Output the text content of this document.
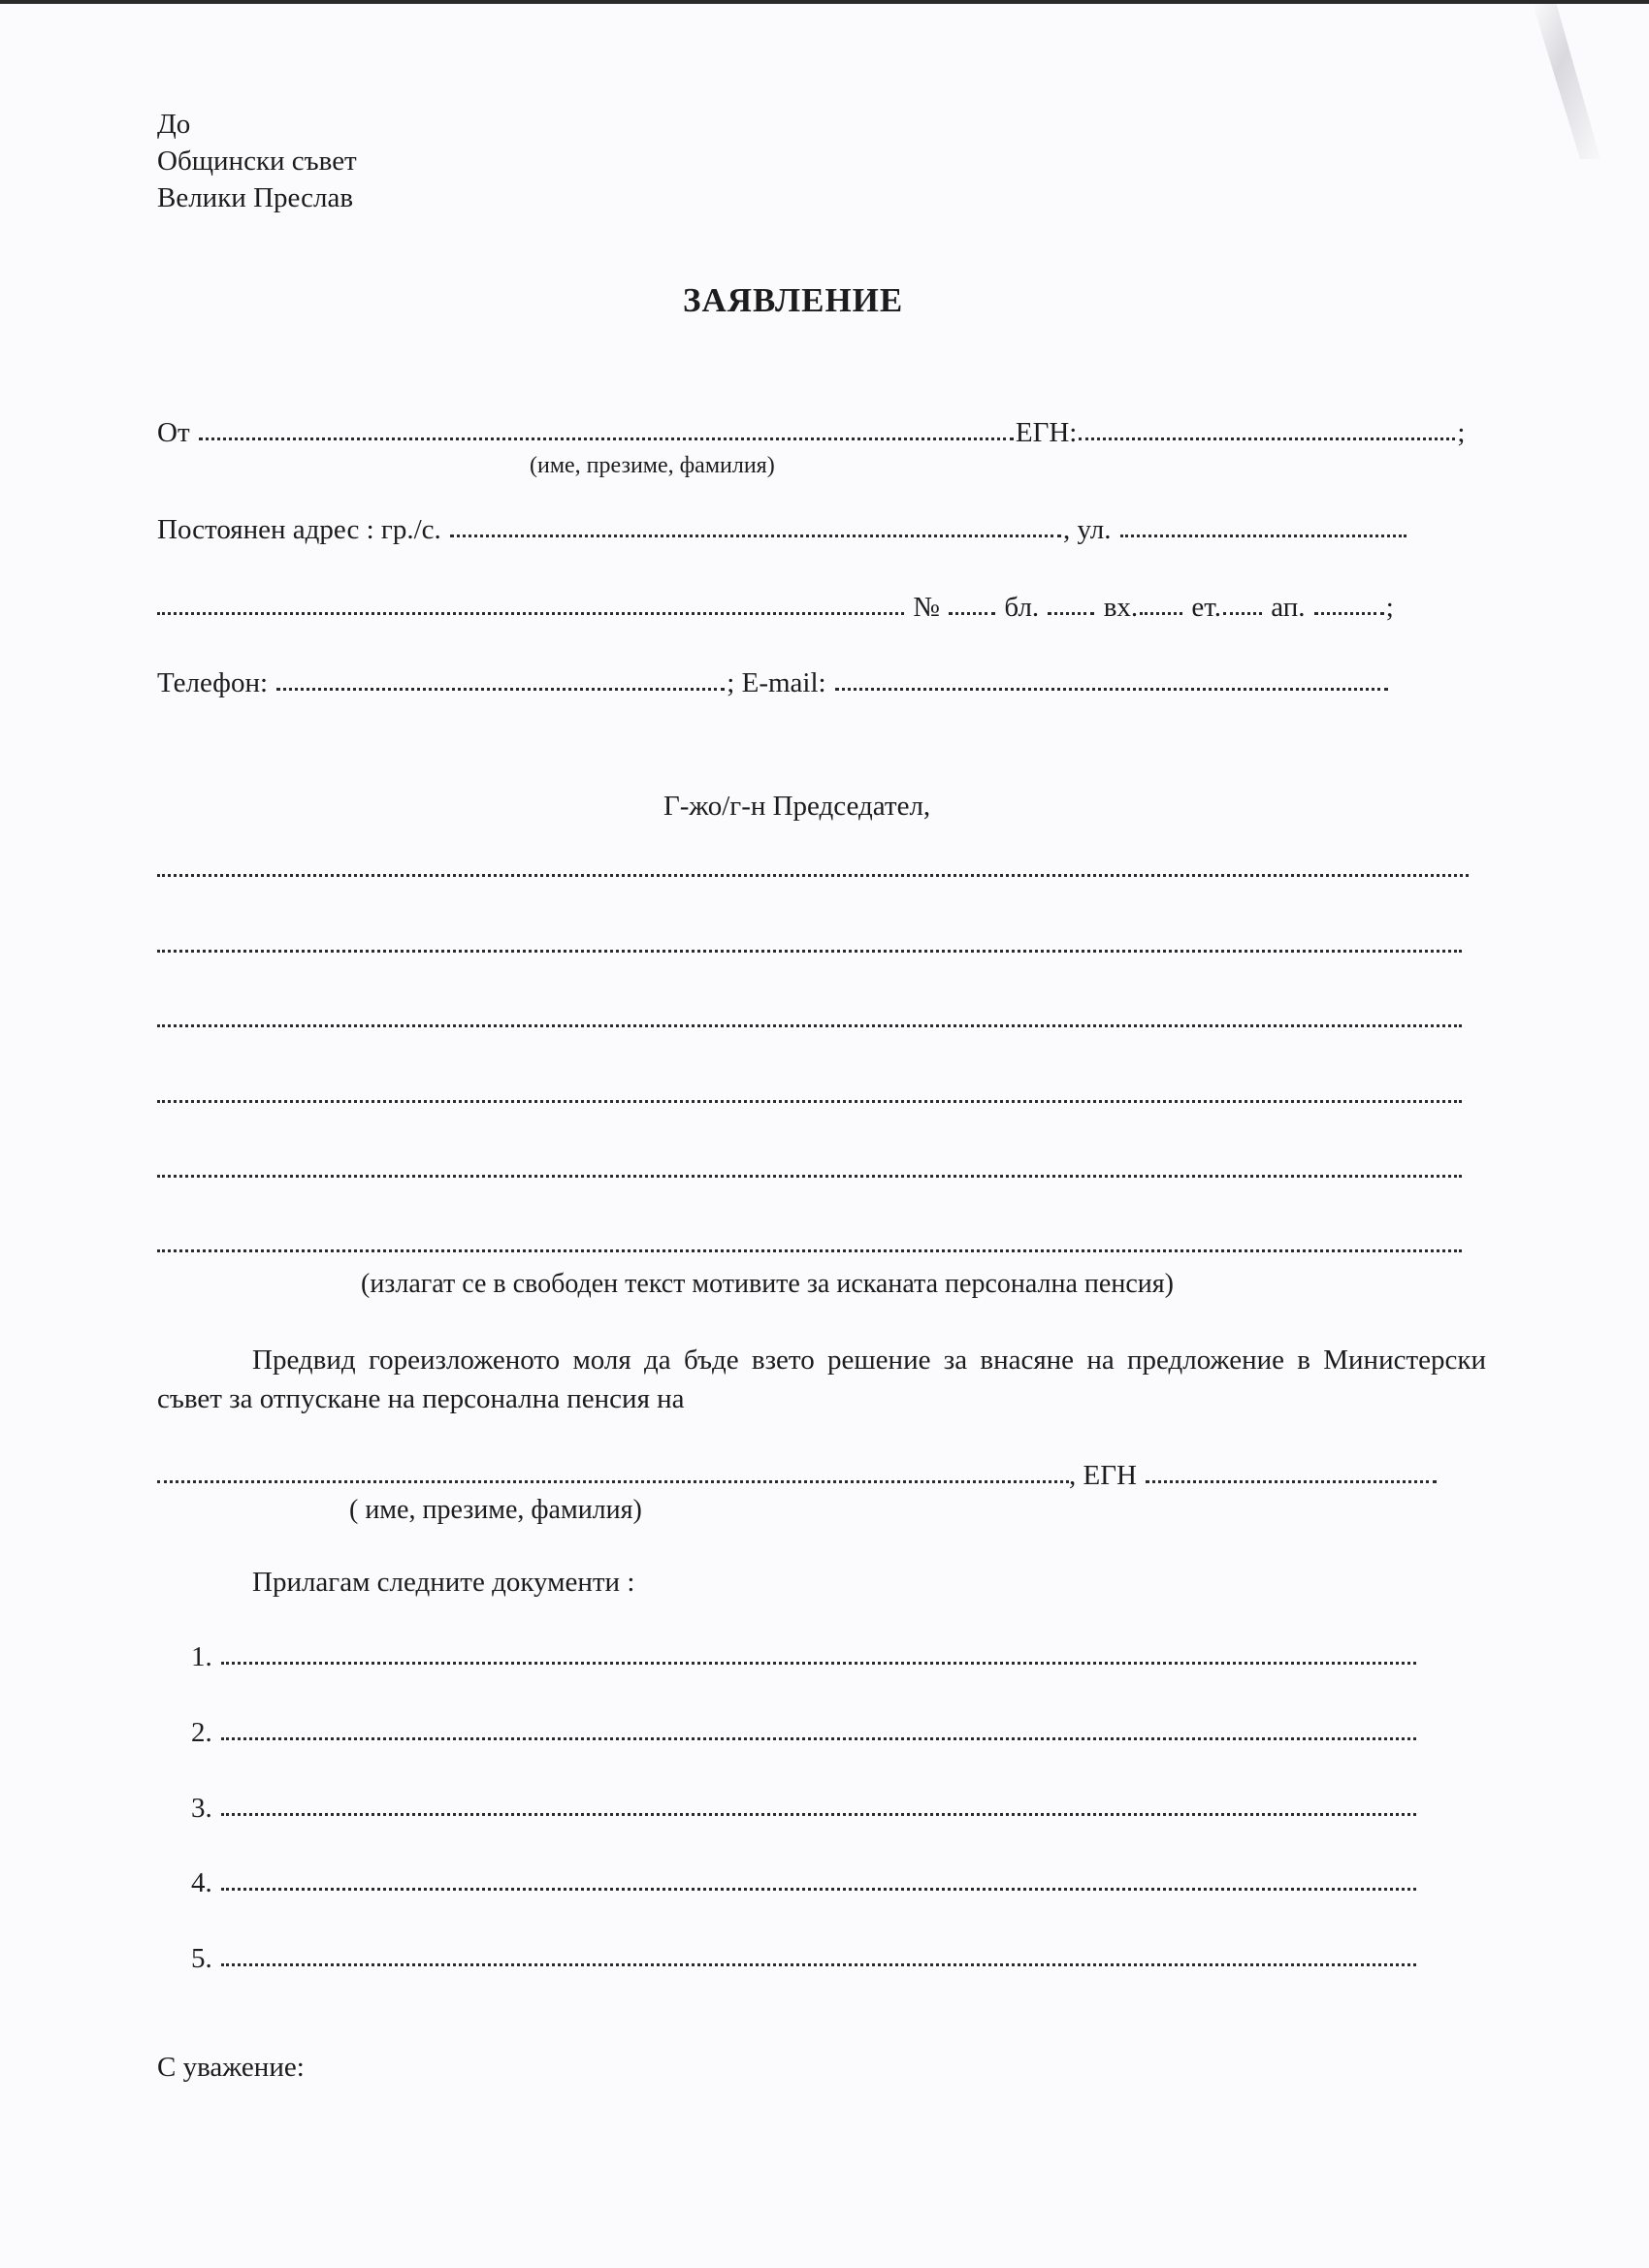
До
Общински съвет
Велики Преслав
ЗАЯВЛЕНИЕ
От	ЕГН:	;
(име, презиме, фамилия)
Постоянен адрес : гр./с.	, ул.
№ бл. вх. ет. ап.	;
Телефон:	; E-mail:
Г-жо/г-н Председател,
(излагат се в свободен текст мотивите за исканата персонална пенсия)
Предвид гореизложеното моля да бъде взето решение за внасяне на предложение в Министерски съвет за отпускане на персонална пенсия на
, ЕГН
( име, презиме, фамилия)
Прилагам следните документи :
1.
2.
3.
4.
5.
С уважение:
